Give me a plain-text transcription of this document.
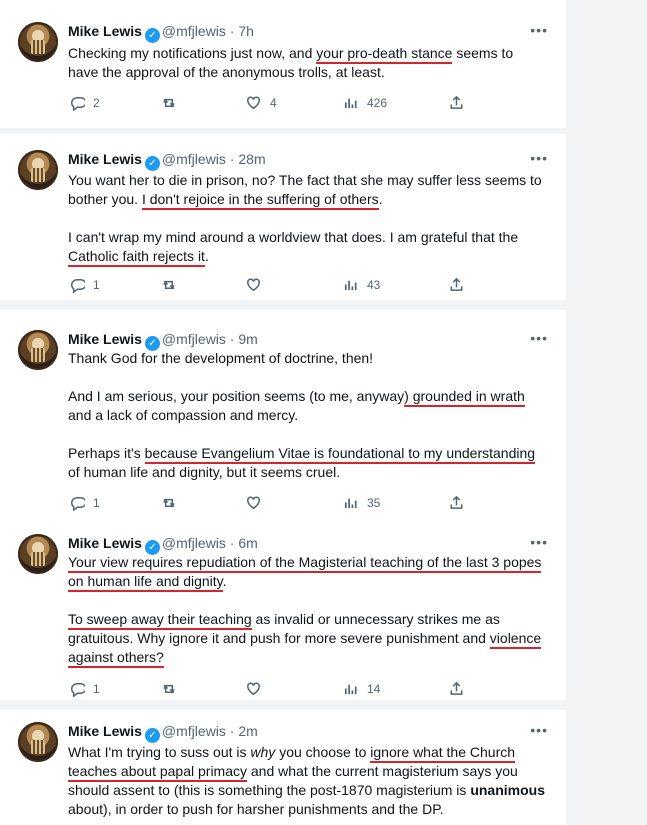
Mike Lewis ✓ @mfjlewis · 7h	•••

Checking my notifications just now, and your pro-death stance seems to have the approval of the anonymous trolls, at least.

2	4	426
Mike Lewis ✓ @mfjlewis · 28m	•••

You want her to die in prison, no? The fact that she may suffer less seems to bother you. I don't rejoice in the suffering of others.

I can't wrap my mind around a worldview that does. I am grateful that the Catholic faith rejects it.

1	43
Mike Lewis ✓ @mfjlewis · 9m	•••

Thank God for the development of doctrine, then!

And I am serious, your position seems (to me, anyway) grounded in wrath and a lack of compassion and mercy.

Perhaps it's because Evangelium Vitae is foundational to my understanding of human life and dignity, but it seems cruel.

1	35
Mike Lewis ✓ @mfjlewis · 6m	•••

Your view requires repudiation of the Magisterial teaching of the last 3 popes on human life and dignity.

To sweep away their teaching as invalid or unnecessary strikes me as gratuitous. Why ignore it and push for more severe punishment and violence against others?

1	14
Mike Lewis ✓ @mfjlewis · 2m	•••

What I'm trying to suss out is why you choose to ignore what the Church teaches about papal primacy and what the current magisterium says you should assent to (this is something the post-1870 magisterium is unanimous about), in order to push for harsher punishments and the DP.
